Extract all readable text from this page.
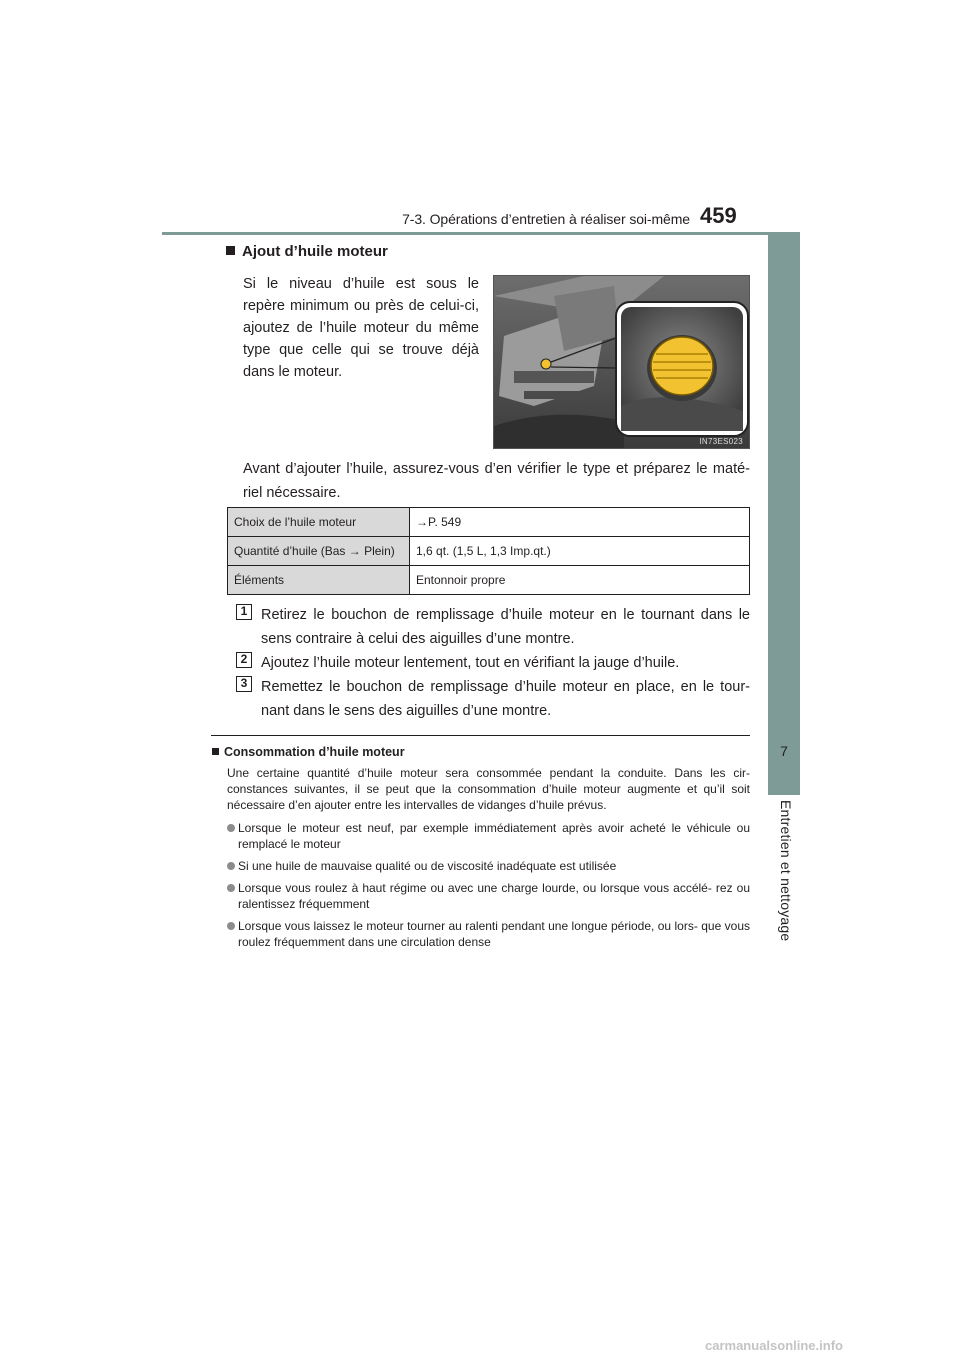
7-3. Opérations d’entretien à réaliser soi-même 459
7
Entretien et nettoyage
Ajout d’huile moteur

Si le niveau d’huile est sous le repère minimum ou près de celui-ci, ajoutez de l’huile moteur du même type que celle qui se trouve déjà dans le moteur.

IN73ES023

Avant d’ajouter l’huile, assurez-vous d’en vérifier le type et préparez le maté- riel nécessaire.

Choix de l’huile moteur	→P. 549
Quantité d’huile (Bas → Plein)	1,6 qt. (1,5 L, 1,3 Imp.qt.)
Éléments	Entonnoir propre
1 Retirez le bouchon de remplissage d’huile moteur en le tournant dans le sens contraire à celui des aiguilles d’une montre.

2 Ajoutez l’huile moteur lentement, tout en vérifiant la jauge d’huile.

3 Remettez le bouchon de remplissage d’huile moteur en place, en le tour- nant dans le sens des aiguilles d’une montre.

Consommation d’huile moteur

Une certaine quantité d’huile moteur sera consommée pendant la conduite. Dans les cir- constances suivantes, il se peut que la consommation d’huile moteur augmente et qu’il soit nécessaire d’en ajouter entre les intervalles de vidanges d’huile prévus.

Lorsque le moteur est neuf, par exemple immédiatement après avoir acheté le véhicule ou remplacé le moteur
Si une huile de mauvaise qualité ou de viscosité inadéquate est utilisée
Lorsque vous roulez à haut régime ou avec une charge lourde, ou lorsque vous accélé- rez ou ralentissez fréquemment
Lorsque vous laissez le moteur tourner au ralenti pendant une longue période, ou lors- que vous roulez fréquemment dans une circulation dense
carmanualsonline.info
